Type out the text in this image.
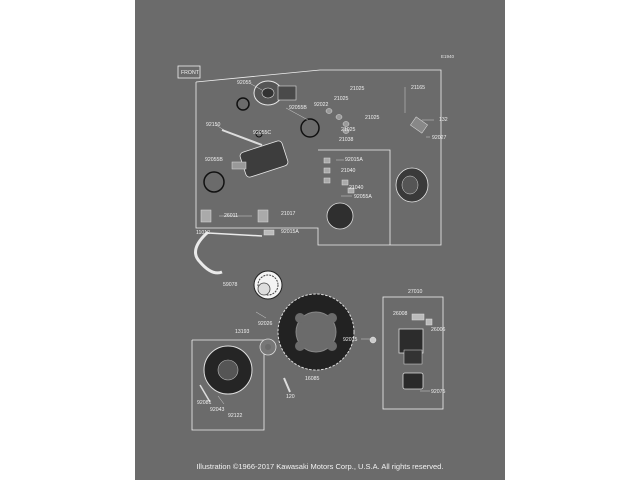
FRONT
92055
92055B
92055C
92022
21025
21025
21025
21025
21038
21165
132
92027
92150
92055B	92015A
21040
21040
92055A
11012
26011	21017
92015A
59078
27010
26008
26006
92015
92075
13193
92026
16085
92081
92043
92122
120
E1940
Illustration ©1966-2017 Kawasaki Motors Corp., U.S.A. All rights reserved.
